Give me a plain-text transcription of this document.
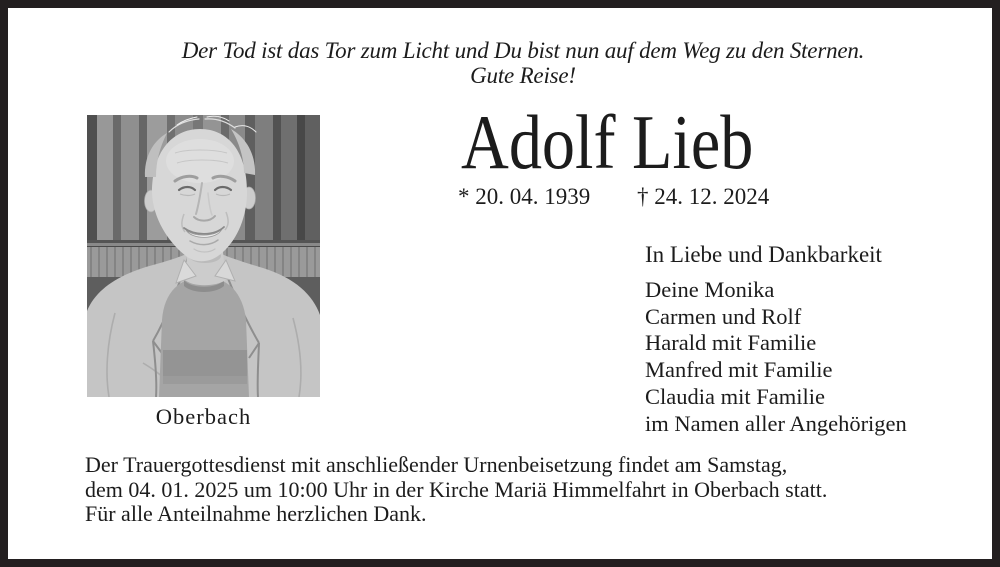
Der Tod ist das Tor zum Licht und Du bist nun auf dem Weg zu den Sternen.
Gute Reise!
Oberbach
Adolf Lieb
* 20. 04. 1939 † 24. 12. 2024
In Liebe und Dankbarkeit
Deine Monika
Carmen und Rolf
Harald mit Familie
Manfred mit Familie
Claudia mit Familie
im Namen aller Angehörigen
Der Trauergottesdienst mit anschließender Urnenbeisetzung findet am Samstag,
dem 04. 01. 2025 um 10:00 Uhr in der Kirche Mariä Himmelfahrt in Oberbach statt.
Für alle Anteilnahme herzlichen Dank.
